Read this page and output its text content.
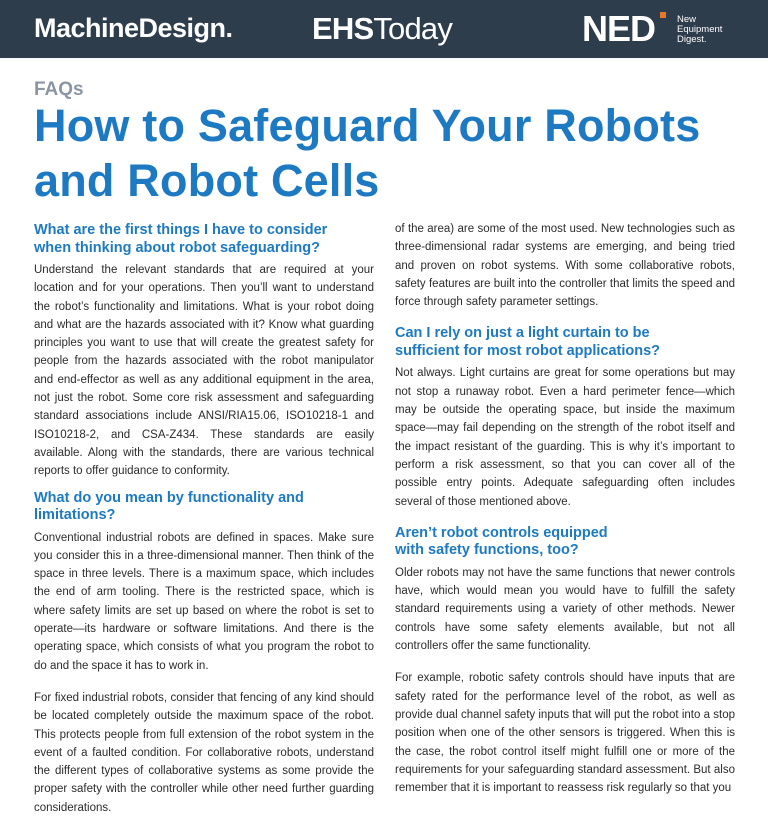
MachineDesign.	EHSToday	NED New
Equipment
Digest.
FAQs
How to Safeguard Your Robots and Robot Cells
What are the first things I have to consider when thinking about robot safeguarding?

Understand the relevant standards that are required at your location and for your operations. Then you’ll want to understand the robot’s functionality and limitations. What is your robot doing and what are the hazards associated with it? Know what guarding principles you want to use that will create the greatest safety for people from the hazards associated with the robot manipulator and end-effector as well as any additional equipment in the area, not just the robot. Some core risk assessment and safeguarding standard associations include ANSI/RIA15.06, ISO10218-1 and ISO10218-2, and CSA-Z434. These standards are easily available. Along with the standards, there are various technical reports to offer guidance to conformity.

What do you mean by functionality and limitations?

Conventional industrial robots are defined in spaces. Make sure you consider this in a three-dimensional manner. Then think of the space in three levels. There is a maximum space, which includes the end of arm tooling. There is the restricted space, which is where safety limits are set up based on where the robot is set to operate—its hardware or software limitations. And there is the operating space, which consists of what you program the robot to do and the space it has to work in.

For fixed industrial robots, consider that fencing of any kind should be located completely outside the maximum space of the robot. This protects people from full extension of the robot system in the event of a faulted condition. For collaborative robots, understand the different types of collaborative systems as some provide the proper safety with the controller while other need further guarding considerations.

of the area) are some of the most used. New technologies such as three-dimensional radar systems are emerging, and being tried and proven on robot systems. With some collaborative robots, safety features are built into the controller that limits the speed and force through safety parameter settings.

Can I rely on just a light curtain to be sufficient for most robot applications?

Not always. Light curtains are great for some operations but may not stop a runaway robot. Even a hard perimeter fence—which may be outside the operating space, but inside the maximum space—may fail depending on the strength of the robot itself and the impact resistant of the guarding. This is why it’s important to perform a risk assessment, so that you can cover all of the possible entry points. Adequate safeguarding often includes several of those mentioned above.

Aren’t robot controls equipped with safety functions, too?

Older robots may not have the same functions that newer controls have, which would mean you would have to fulfill the safety standard requirements using a variety of other methods. Newer controls have some safety elements available, but not all controllers offer the same functionality.

For example, robotic safety controls should have inputs that are safety rated for the performance level of the robot, as well as provide dual channel safety inputs that will put the robot into a stop position when one of the other sensors is triggered. When this is the case, the robot control itself might fulfill one or more of the requirements for your safeguarding standard assessment. But also remember that it is important to reassess risk regularly so that you
